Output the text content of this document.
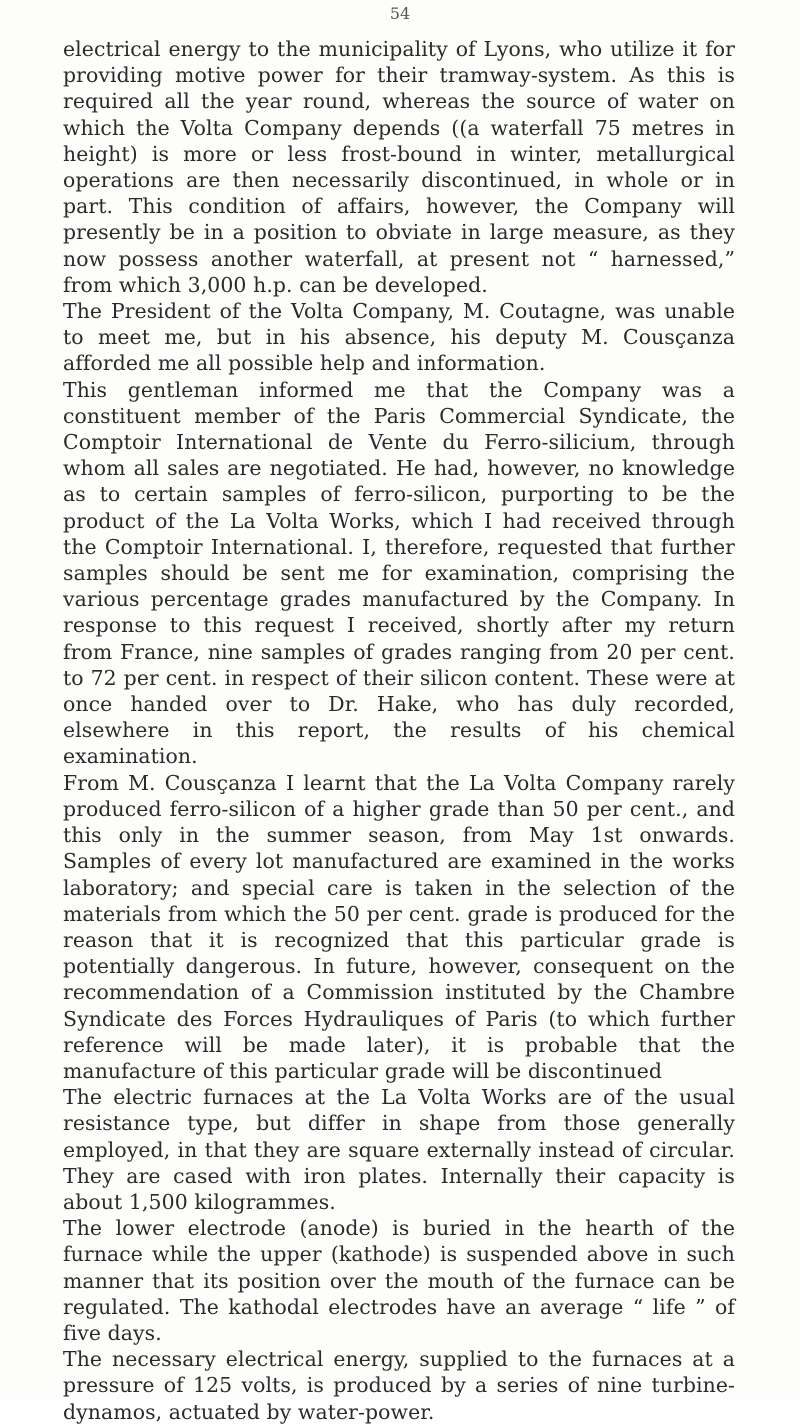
54

electrical energy to the municipality of Lyons, who utilize it for providing motive power for their tramway-system. As this is required all the year round, whereas the source of water on which the Volta Company depends ((a waterfall 75 metres in height) is more or less frost-bound in winter, metallurgical operations are then necessarily discontinued, in whole or in part. This condition of affairs, however, the Company will presently be in a position to obviate in large measure, as they now possess another waterfall, at present not “ harnessed,” from which 3,000 h.p. can be developed.

The President of the Volta Company, M. Coutagne, was unable to meet me, but in his absence, his deputy M. Cousçanza afforded me all possible help and information.

This gentleman informed me that the Company was a constituent member of the Paris Commercial Syndicate, the Comptoir International de Vente du Ferro-silicium, through whom all sales are negotiated. He had, however, no knowledge as to certain samples of ferro-silicon, purporting to be the product of the La Volta Works, which I had received through the Comptoir International. I, therefore, requested that further samples should be sent me for examination, comprising the various percentage grades manufactured by the Company. In response to this request I received, shortly after my return from France, nine samples of grades ranging from 20 per cent. to 72 per cent. in respect of their silicon content. These were at once handed over to Dr. Hake, who has duly recorded, elsewhere in this report, the results of his chemical examination.

From M. Cousçanza I learnt that the La Volta Company rarely produced ferro-silicon of a higher grade than 50 per cent., and this only in the summer season, from May 1st onwards. Samples of every lot manufactured are examined in the works laboratory; and special care is taken in the selection of the materials from which the 50 per cent. grade is produced for the reason that it is recognized that this particular grade is potentially dangerous. In future, however, consequent on the recommendation of a Commission instituted by the Chambre Syndicate des Forces Hydrauliques of Paris (to which further reference will be made later), it is probable that the manufacture of this particular grade will be discontinued

The electric furnaces at the La Volta Works are of the usual resistance type, but differ in shape from those generally employed, in that they are square externally instead of circular. They are cased with iron plates. Internally their capacity is about 1,500 kilogrammes.

The lower electrode (anode) is buried in the hearth of the furnace while the upper (kathode) is suspended above in such manner that its position over the mouth of the furnace can be regulated. The kathodal electrodes have an average “ life ” of five days.

The necessary electrical energy, supplied to the furnaces at a pressure of 125 volts, is produced by a series of nine turbine-dynamos, actuated by water-power.
